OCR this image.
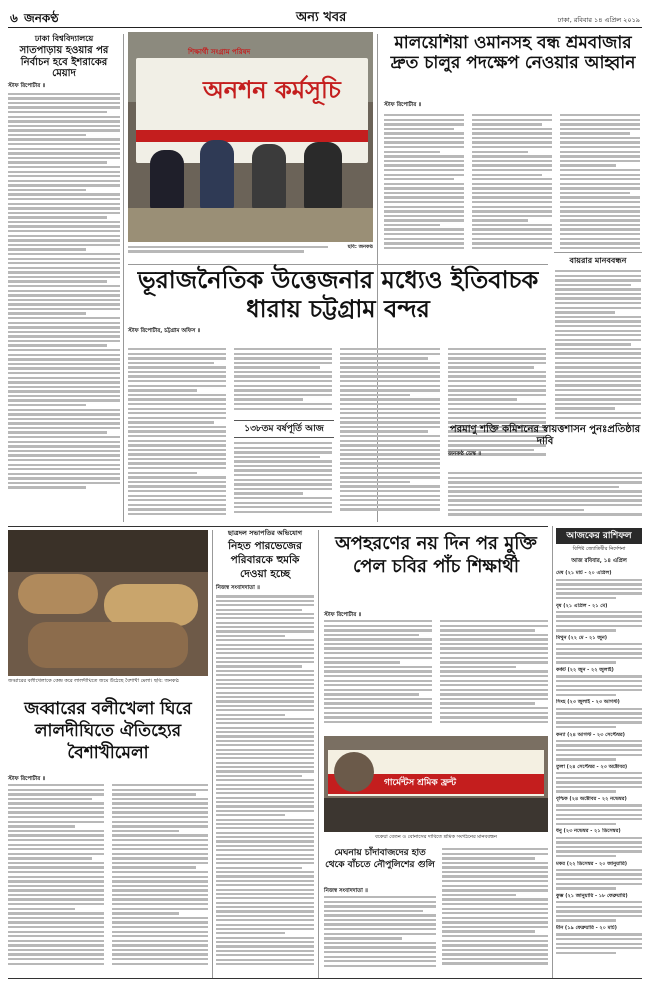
৬ জনকণ্ঠ	অন্য খবর	ঢাকা, রবিবার ১৪ এপ্রিল ২০১৯
ঢাকা বিশ্ববিদ্যালয়ে
সাতপাড়ায় হওয়ার পর নির্বাচন হবে ইশরাকের মেয়াদ
স্টাফ রিপোর্টার ॥
শিক্ষার্থী সংগ্রাম পরিষদ
অনশন কর্মসূচি
ছবি: জনকণ্ঠ
মালয়েশিয়া ওমানসহ বন্ধ শ্রমবাজার দ্রুত চালুর পদক্ষেপ নেওয়ার আহ্বান
স্টাফ রিপোর্টার ॥
বায়রার মানববন্ধন
ভূরাজনৈতিক উত্তেজনার মধ্যেও ইতিবাচক ধারায় চট্টগ্রাম বন্দর
স্টাফ রিপোর্টার, চট্টগ্রাম অফিস ॥
১৩৮তম বর্ষপূর্তি আজ	পরমাণু শক্তি কমিশনের স্বায়ত্তশাসন পুনঃপ্রতিষ্ঠার দাবি
জনকণ্ঠ ডেস্ক ॥
জব্বারের বলীখেলাকে কেন্দ্র করে লালদীঘিতে জমে উঠেছে বৈশাখী মেলা। ছবি: জনকণ্ঠ
জব্বারের বলীখেলা ঘিরে লালদীঘিতে ঐতিহ্যের বৈশাখীমেলা
স্টাফ রিপোর্টার ॥
ছাত্রদল সভাপতির অভিযোগ
নিহত পারভেজের পরিবারকে হুমকি দেওয়া হচ্ছে
নিজস্ব সংবাদদাতা ॥
অপহরণের নয় দিন পর মুক্তি পেল চবির পাঁচ শিক্ষার্থী
স্টাফ রিপোর্টার ॥
গার্মেন্টস শ্রমিক ফ্রন্ট
বকেয়া বেতন ও বোনাসের দাবিতে শ্রমিক সংগঠনের মানববন্ধন
মেঘনায় চাঁদাবাজদের হাত থেকে বাঁচতে নৌপুলিশের গুলি
নিজস্ব সংবাদদাতা ॥
আজকের রাশিফল
বিশিষ্ট জ্যোতিষীর নির্দেশনা
আজ রবিবার, ১৪ এপ্রিল
মেষ (২১ মার্চ - ২০ এপ্রিল)
বৃষ (২১ এপ্রিল - ২১ মে)
মিথুন (২২ মে - ২১ জুন)
কর্কট (২২ জুন - ২২ জুলাই)
সিংহ (২৩ জুলাই - ২৩ আগস্ট)
কন্যা (২৪ আগস্ট - ২৩ সেপ্টেম্বর)
তুলা (২৪ সেপ্টেম্বর - ২৩ অক্টোবর)
বৃশ্চিক (২৪ অক্টোবর - ২২ নভেম্বর)
ধনু (২৩ নভেম্বর - ২১ ডিসেম্বর)
মকর (২২ ডিসেম্বর - ২০ জানুয়ারি)
কুম্ভ (২১ জানুয়ারি - ১৮ ফেব্রুয়ারি)
মীন (১৯ ফেব্রুয়ারি - ২০ মার্চ)
